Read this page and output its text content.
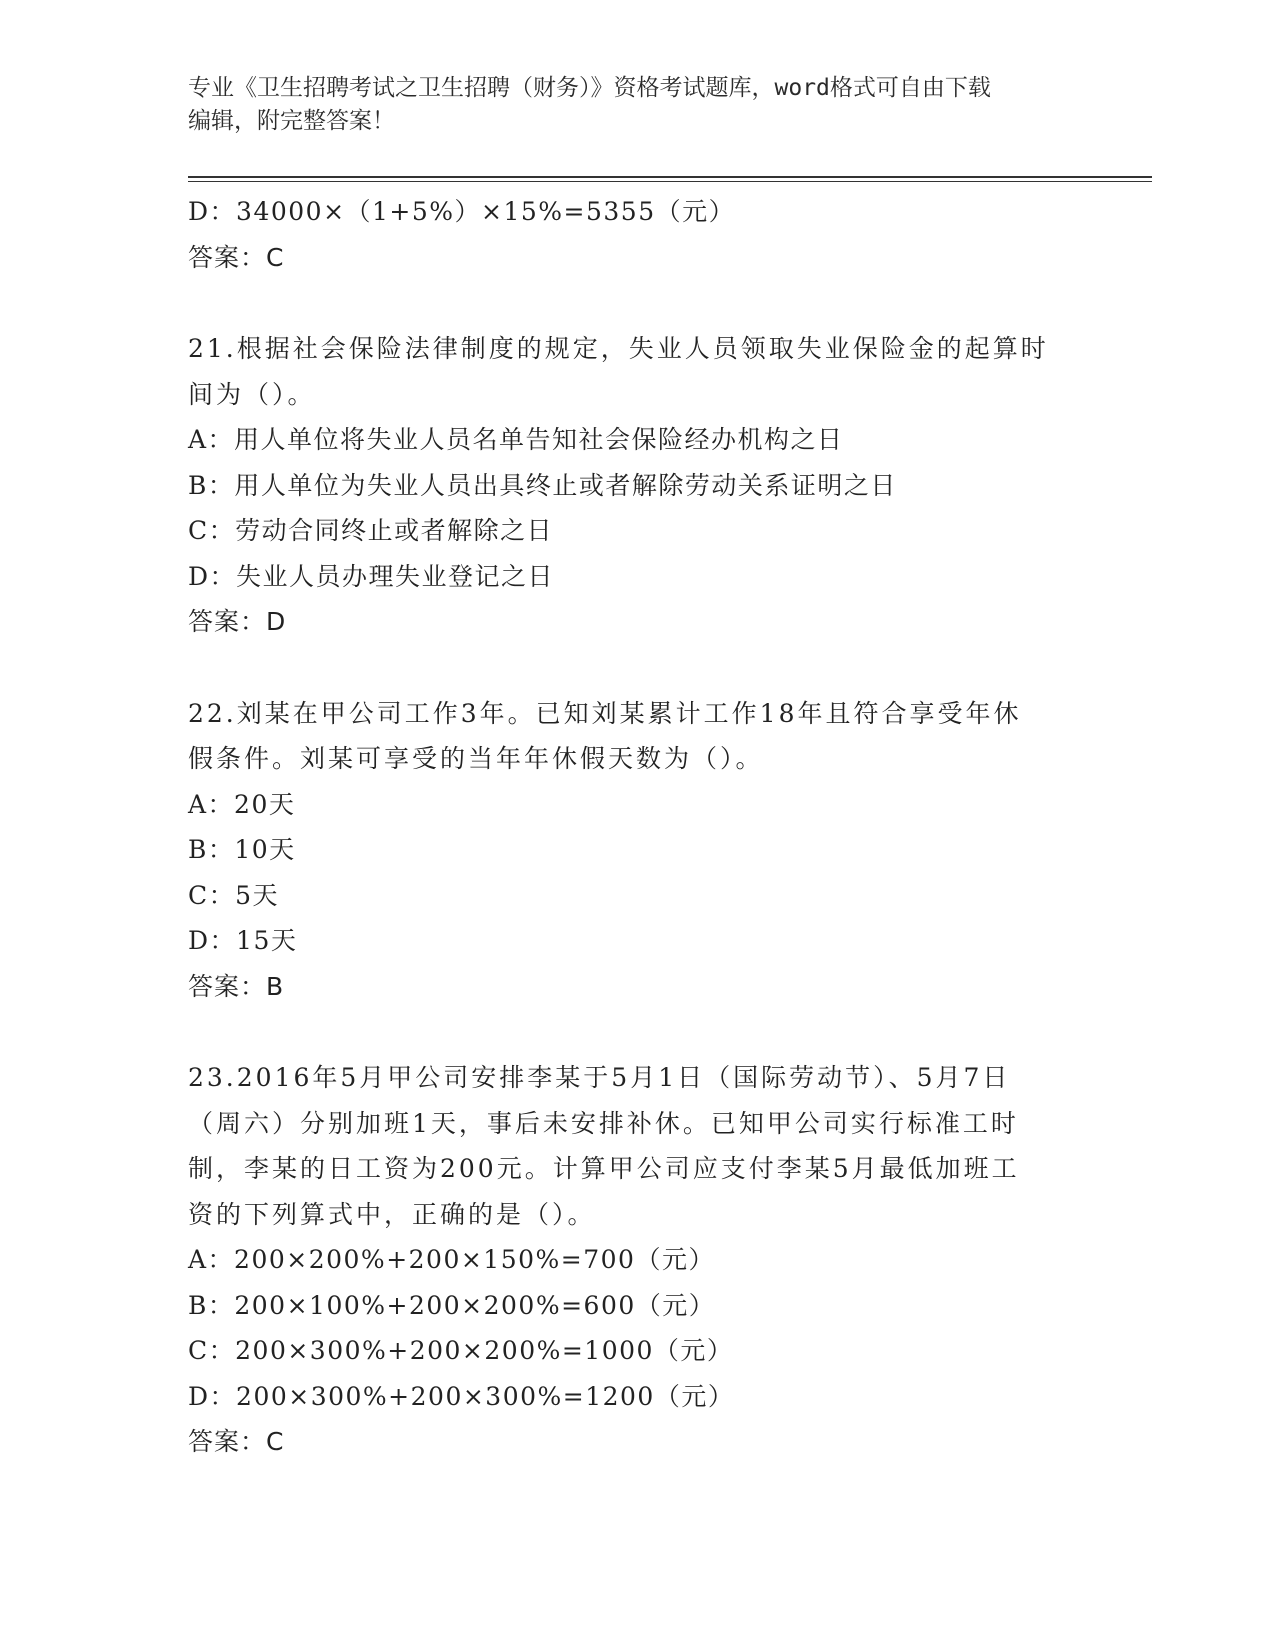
专业《卫生招聘考试之卫生招聘（财务）》资格考试题库，word格式可自由下载
编辑，附完整答案！
D：34000×（1+5%）×15%=5355（元）
答案：C
21.根据社会保险法律制度的规定，失业人员领取失业保险金的起算时
间为（）。
A：用人单位将失业人员名单告知社会保险经办机构之日
B：用人单位为失业人员出具终止或者解除劳动关系证明之日
C：劳动合同终止或者解除之日
D：失业人员办理失业登记之日
答案：D
22.刘某在甲公司工作3年。已知刘某累计工作18年且符合享受年休
假条件。刘某可享受的当年年休假天数为（）。
A：20天
B：10天
C：5天
D：15天
答案：B
23.2016年5月甲公司安排李某于5月1日（国际劳动节）、5月7日
（周六）分别加班1天，事后未安排补休。已知甲公司实行标准工时
制，李某的日工资为200元。计算甲公司应支付李某5月最低加班工
资的下列算式中，正确的是（）。
A：200×200%+200×150%=700（元）
B：200×100%+200×200%=600（元）
C：200×300%+200×200%=1000（元）
D：200×300%+200×300%=1200（元）
答案：C
